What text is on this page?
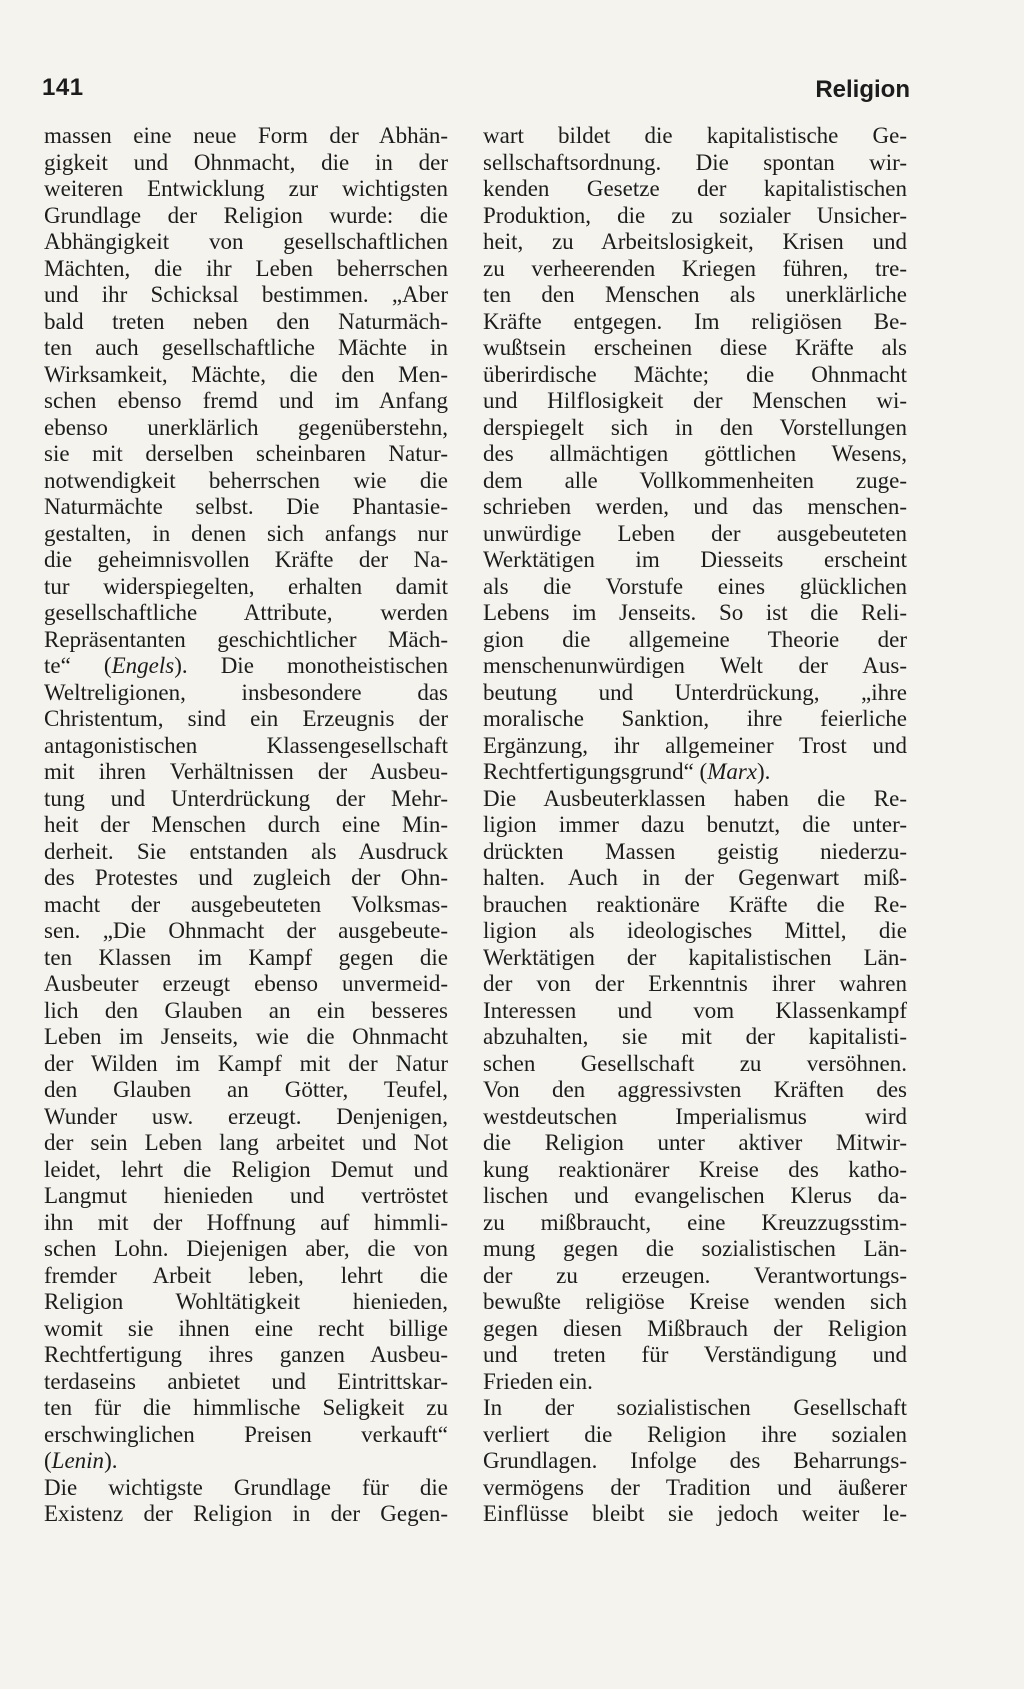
141	Religion
massen eine neue Form der Abhän-
gigkeit und Ohnmacht, die in der
weiteren Entwicklung zur wichtigsten
Grundlage der Religion wurde: die
Abhängigkeit von gesellschaftlichen
Mächten, die ihr Leben beherrschen
und ihr Schicksal bestimmen. „Aber
bald treten neben den Naturmäch-
ten auch gesellschaftliche Mächte in
Wirksamkeit, Mächte, die den Men-
schen ebenso fremd und im Anfang
ebenso unerklärlich gegenüberstehn,
sie mit derselben scheinbaren Natur-
notwendigkeit beherrschen wie die
Naturmächte selbst. Die Phantasie-
gestalten, in denen sich anfangs nur
die geheimnisvollen Kräfte der Na-
tur widerspiegelten, erhalten damit
gesellschaftliche Attribute, werden
Repräsentanten geschichtlicher Mäch-
te“ (Engels). Die monotheistischen
Weltreligionen, insbesondere das
Christentum, sind ein Erzeugnis der
antagonistischen Klassengesellschaft
mit ihren Verhältnissen der Ausbeu-
tung und Unterdrückung der Mehr-
heit der Menschen durch eine Min-
derheit. Sie entstanden als Ausdruck
des Protestes und zugleich der Ohn-
macht der ausgebeuteten Volksmas-
sen. „Die Ohnmacht der ausgebeute-
ten Klassen im Kampf gegen die
Ausbeuter erzeugt ebenso unvermeid-
lich den Glauben an ein besseres
Leben im Jenseits, wie die Ohnmacht
der Wilden im Kampf mit der Natur
den Glauben an Götter, Teufel,
Wunder usw. erzeugt. Denjenigen,
der sein Leben lang arbeitet und Not
leidet, lehrt die Religion Demut und
Langmut hienieden und vertröstet
ihn mit der Hoffnung auf himmli-
schen Lohn. Diejenigen aber, die von
fremder Arbeit leben, lehrt die
Religion Wohltätigkeit hienieden,
womit sie ihnen eine recht billige
Rechtfertigung ihres ganzen Ausbeu-
terdaseins anbietet und Eintrittskar-
ten für die himmlische Seligkeit zu
erschwinglichen Preisen verkauft“
(Lenin).
Die wichtigste Grundlage für die
Existenz der Religion in der Gegen-
wart bildet die kapitalistische Ge-
sellschaftsordnung. Die spontan wir-
kenden Gesetze der kapitalistischen
Produktion, die zu sozialer Unsicher-
heit, zu Arbeitslosigkeit, Krisen und
zu verheerenden Kriegen führen, tre-
ten den Menschen als unerklärliche
Kräfte entgegen. Im religiösen Be-
wußtsein erscheinen diese Kräfte als
überirdische Mächte; die Ohnmacht
und Hilflosigkeit der Menschen wi-
derspiegelt sich in den Vorstellungen
des allmächtigen göttlichen Wesens,
dem alle Vollkommenheiten zuge-
schrieben werden, und das menschen-
unwürdige Leben der ausgebeuteten
Werktätigen im Diesseits erscheint
als die Vorstufe eines glücklichen
Lebens im Jenseits. So ist die Reli-
gion die allgemeine Theorie der
menschenunwürdigen Welt der Aus-
beutung und Unterdrückung, „ihre
moralische Sanktion, ihre feierliche
Ergänzung, ihr allgemeiner Trost und
Rechtfertigungsgrund“ (Marx).
Die Ausbeuterklassen haben die Re-
ligion immer dazu benutzt, die unter-
drückten Massen geistig niederzu-
halten. Auch in der Gegenwart miß-
brauchen reaktionäre Kräfte die Re-
ligion als ideologisches Mittel, die
Werktätigen der kapitalistischen Län-
der von der Erkenntnis ihrer wahren
Interessen und vom Klassenkampf
abzuhalten, sie mit der kapitalisti-
schen Gesellschaft zu versöhnen.
Von den aggressivsten Kräften des
westdeutschen Imperialismus wird
die Religion unter aktiver Mitwir-
kung reaktionärer Kreise des katho-
lischen und evangelischen Klerus da-
zu mißbraucht, eine Kreuzzugsstim-
mung gegen die sozialistischen Län-
der zu erzeugen. Verantwortungs-
bewußte religiöse Kreise wenden sich
gegen diesen Mißbrauch der Religion
und treten für Verständigung und
Frieden ein.
In der sozialistischen Gesellschaft
verliert die Religion ihre sozialen
Grundlagen. Infolge des Beharrungs-
vermögens der Tradition und äußerer
Einflüsse bleibt sie jedoch weiter le-
